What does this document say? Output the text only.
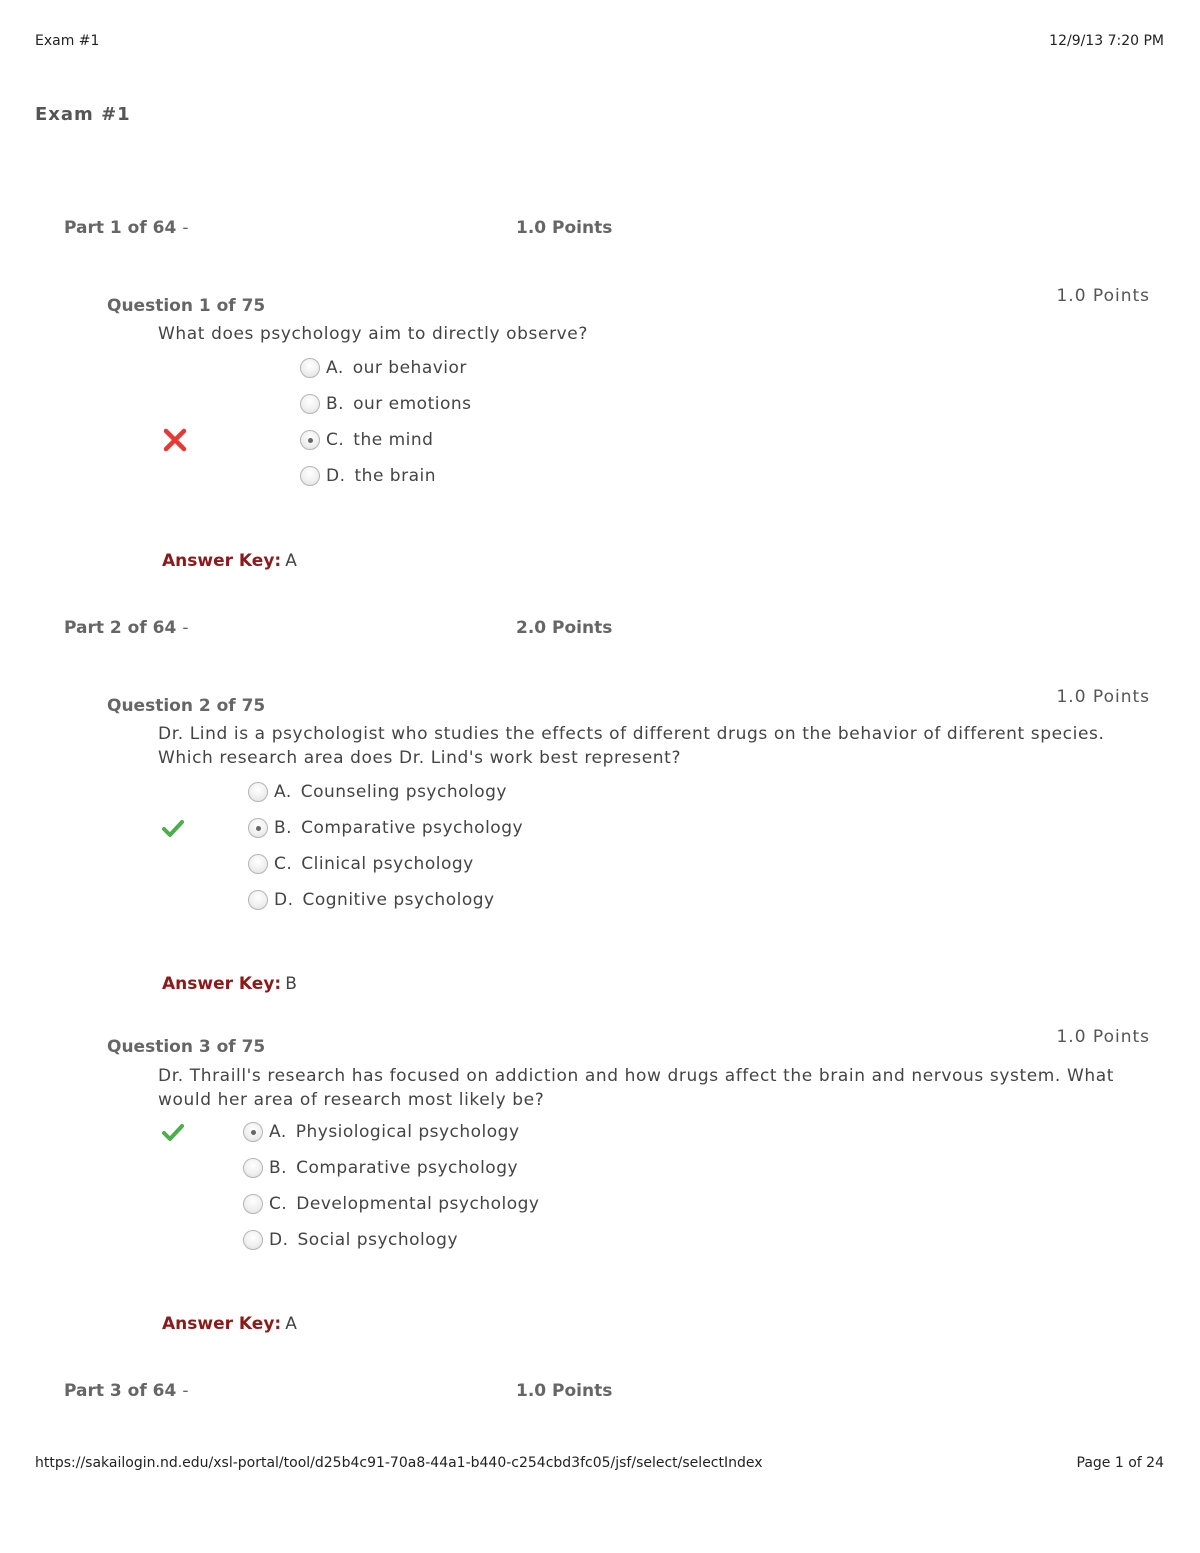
Exam #1	12/9/13 7:20 PM
Exam #1
Part 1 of 64 -	1.0 Points
Question 1 of 75	1.0 Points
What does psychology aim to directly observe?
A. our behavior
B. our emotions
C. the mind
D. the brain
Answer Key: A
Part 2 of 64 -	2.0 Points
Question 2 of 75	1.0 Points
Dr. Lind is a psychologist who studies the effects of different drugs on the behavior of different species. Which research area does Dr. Lind's work best represent?
A. Counseling psychology
B. Comparative psychology
C. Clinical psychology
D. Cognitive psychology
Answer Key: B
Question 3 of 75	1.0 Points
Dr. Thraill's research has focused on addiction and how drugs affect the brain and nervous system. What would her area of research most likely be?
A. Physiological psychology
B. Comparative psychology
C. Developmental psychology
D. Social psychology
Answer Key: A
Part 3 of 64 -	1.0 Points
https://sakailogin.nd.edu/xsl-portal/tool/d25b4c91-70a8-44a1-b440-c254cbd3fc05/jsf/select/selectIndex	Page 1 of 24
